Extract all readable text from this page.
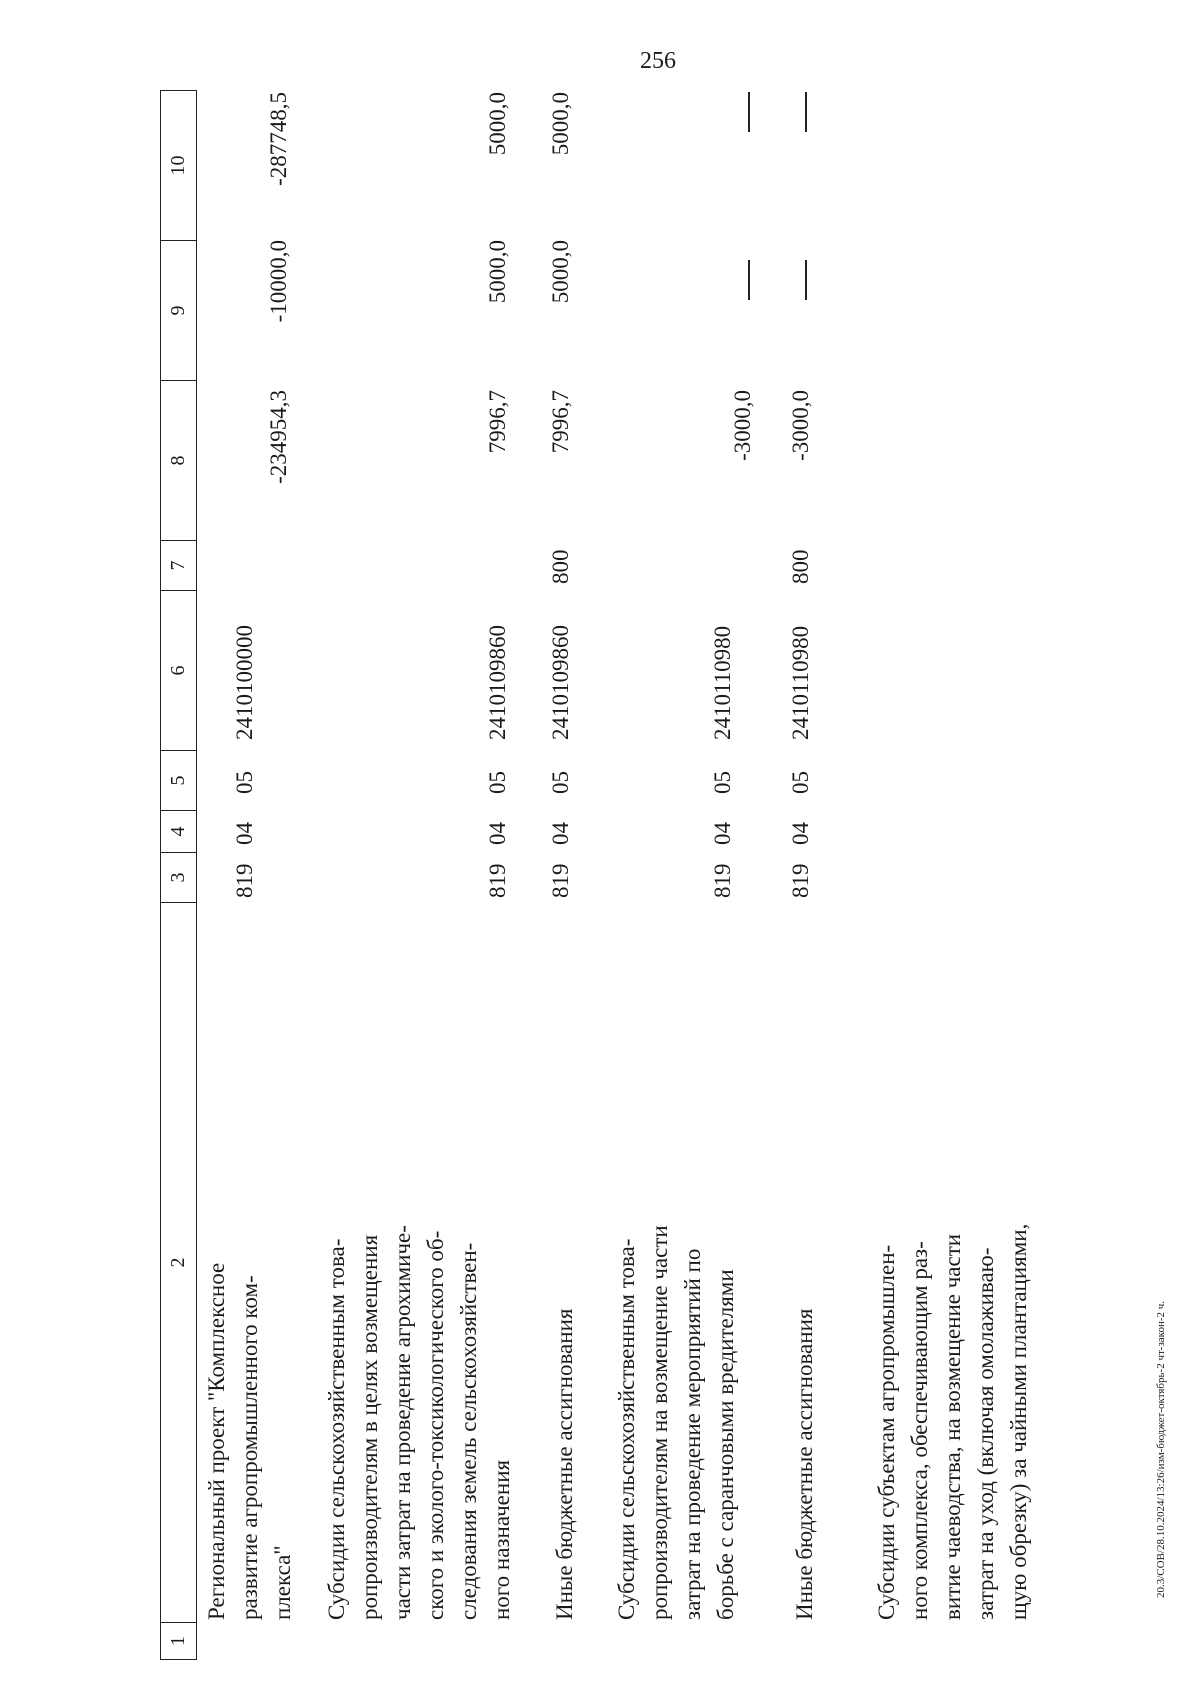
256
20.3/СОВ/28.10.2024/13:26/изм-бюджет-октябрь-2 чт-закон-2 ч.
1
2
3
4
5
6
7
8
9
10
Региональный проект "Комплексное развитие агропромышленного ком- плекса"
819
04
05
2410100000
-234954,3
-10000,0
-287748,5
Субсидии сельскохозяйственным това- ропроизводителям в целях возмещения части затрат на проведение агрохимиче- ского и эколого-токсикологического об- следования земель сельскохозяйствен- ного назначения
819
04
05
2410109860
7996,7
5000,0
5000,0
Иные бюджетные ассигнования
819
04
05
2410109860
800
7996,7
5000,0
5000,0
Субсидии сельскохозяйственным това- ропроизводителям на возмещение части затрат на проведение мероприятий по борьбе с саранчовыми вредителями
819
04
05
2410110980
-3000,0
Иные бюджетные ассигнования
819
04
05
2410110980
800
-3000,0
Субсидии субъектам агропромышлен- ного комплекса, обеспечивающим раз- витие чаеводства, на возмещение части затрат на уход (включая омолаживаю- щую обрезку) за чайными плантациями,
